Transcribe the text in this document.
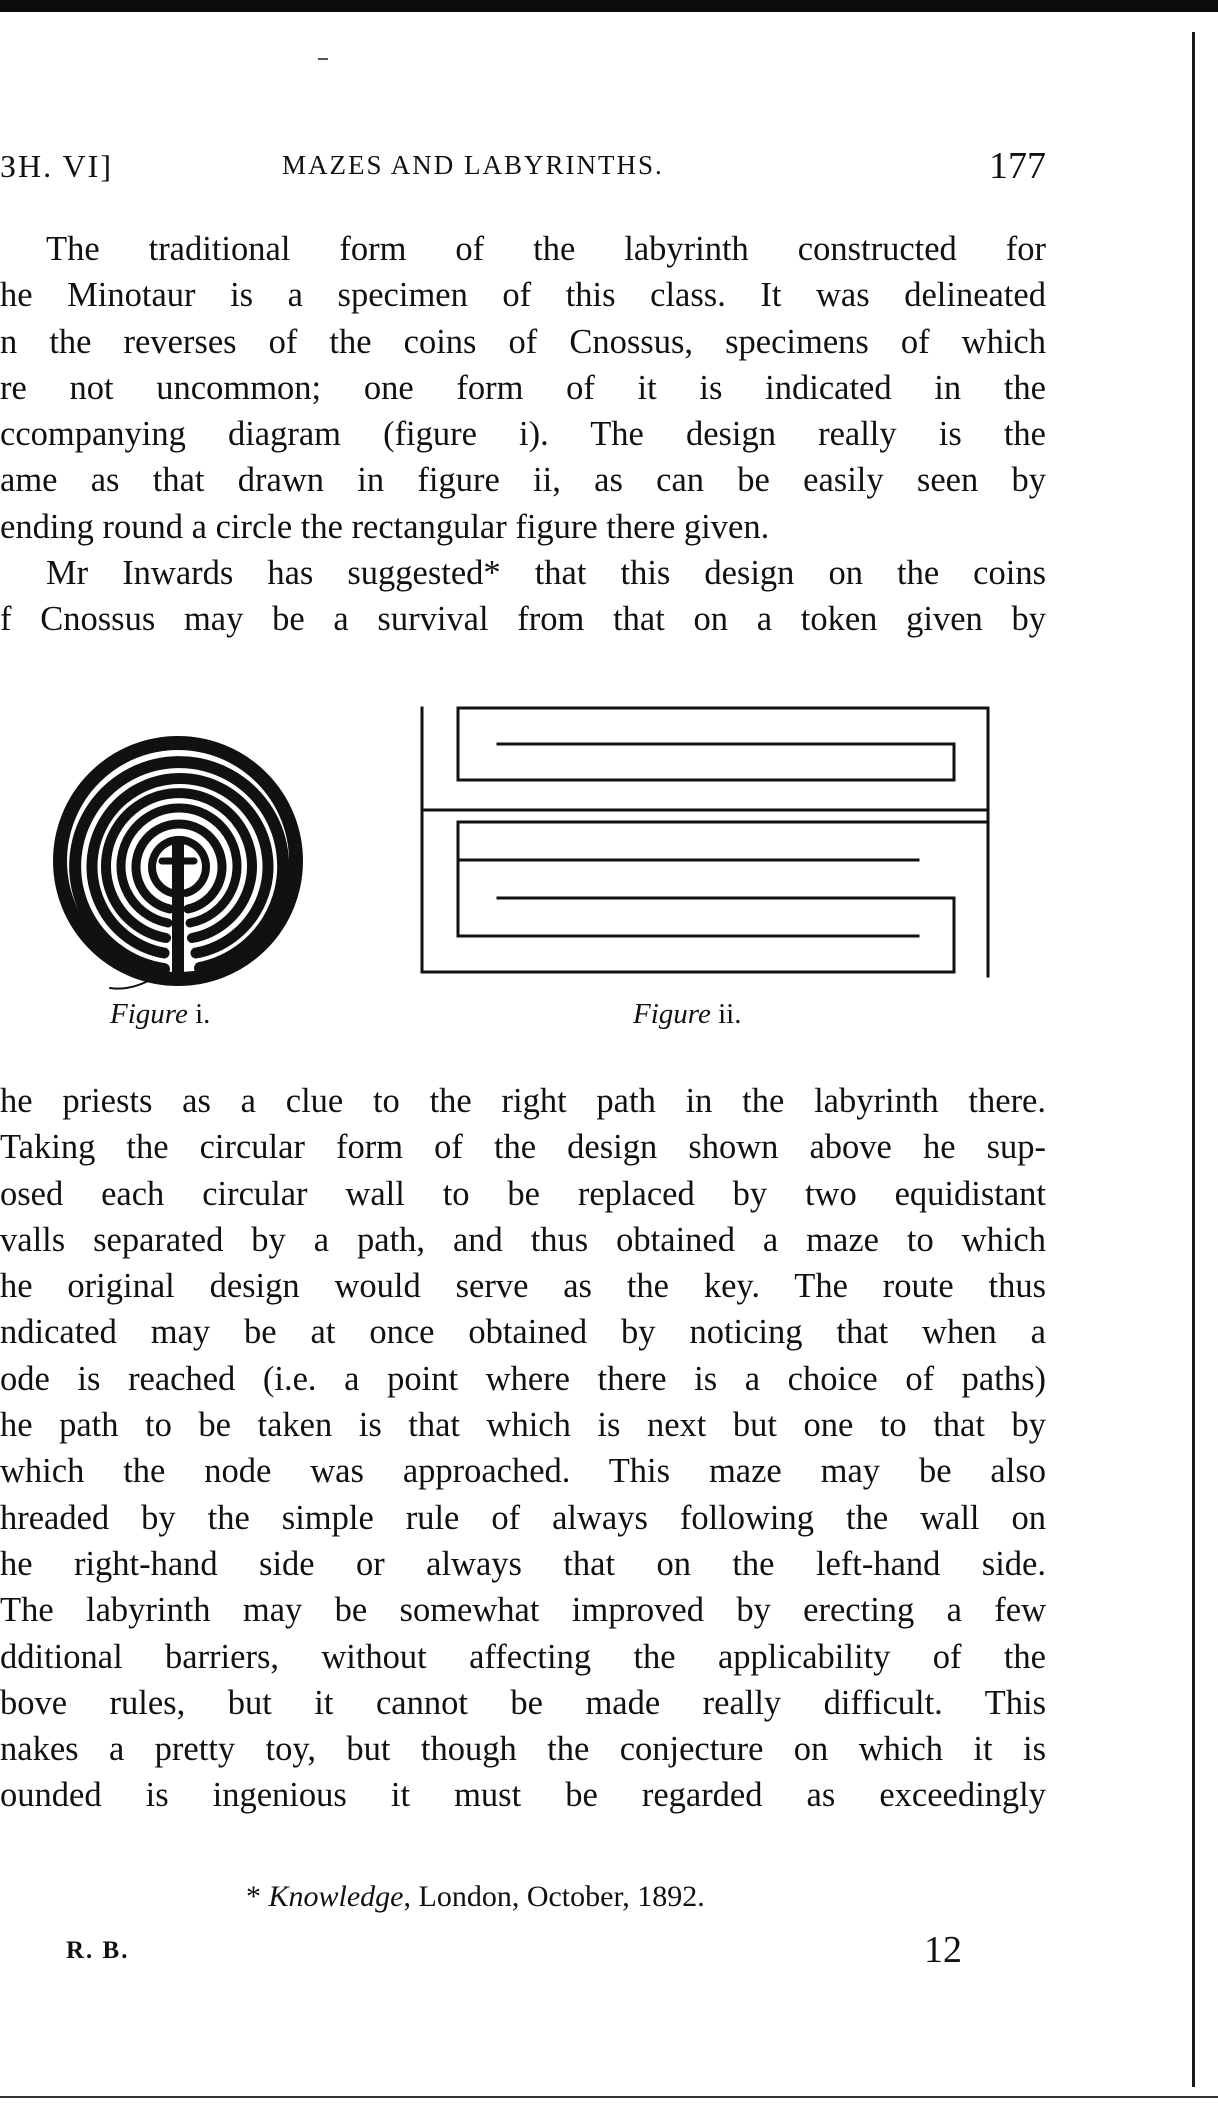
ЗH. VI]	MAZES AND LABYRINTHS.	177
The traditional form of the labyrinth constructed for
he Minotaur is a specimen of this class. It was delineated
n the reverses of the coins of Cnossus, specimens of which
re not uncommon; one form of it is indicated in the
ccompanying diagram (figure i). The design really is the
ame as that drawn in figure ii, as can be easily seen by
ending round a circle the rectangular figure there given.
Mr Inwards has suggested* that this design on the coins
f Cnossus may be a survival from that on a token given by
Figure i.	Figure ii.
he priests as a clue to the right path in the labyrinth there.
Taking the circular form of the design shown above he sup-
osed each circular wall to be replaced by two equidistant
valls separated by a path, and thus obtained a maze to which
he original design would serve as the key. The route thus
ndicated may be at once obtained by noticing that when a
ode is reached (i.e. a point where there is a choice of paths)
he path to be taken is that which is next but one to that by
which the node was approached. This maze may be also
hreaded by the simple rule of always following the wall on
he right-hand side or always that on the left-hand side.
The labyrinth may be somewhat improved by erecting a few
dditional barriers, without affecting the applicability of the
bove rules, but it cannot be made really difficult. This
nakes a pretty toy, but though the conjecture on which it is
ounded is ingenious it must be regarded as exceedingly
* Knowledge, London, October, 1892.
R. B.	12
